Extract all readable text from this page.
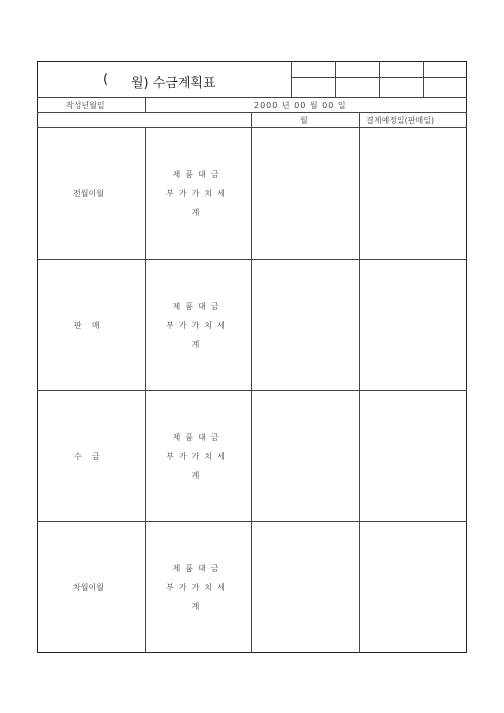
( 월) 수금계획표
작성년월일	2000 년 00 월 00 일
월	결제예정일(판매일)
전월이월
제품대금
부가가치세
계
판    매
제품대금
부가가치세
계
수    금
제품대금
부가가치세
계
차월이월
제품대금
부가가치세
계
